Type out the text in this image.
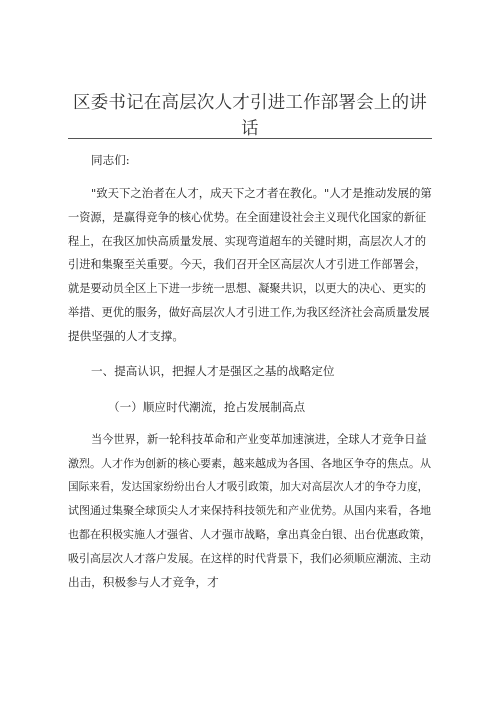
区委书记在高层次人才引进工作部署会上的讲
话

同志们:

"致天下之治者在人才，成天下之才者在教化。"人才是推动发展的第
一资源，是赢得竞争的核心优势。在全面建设社会主义现代化国家的新征
程上，在我区加快高质量发展、实现弯道超车的关键时期，高层次人才的
引进和集聚至关重要。今天，我们召开全区高层次人才引进工作部署会，
就是要动员全区上下进一步统一思想、凝聚共识，以更大的决心、更实的
举措、更优的服务，做好高层次人才引进工作,为我区经济社会高质量发展
提供坚强的人才支撑。

一、提高认识，把握人才是强区之基的战略定位

（一）顺应时代潮流，抢占发展制高点

当今世界，新一轮科技革命和产业变革加速演进，全球人才竞争日益
激烈。人才作为创新的核心要素，越来越成为各国、各地区争夺的焦点。从
国际来看，发达国家纷纷出台人才吸引政策，加大对高层次人才的争夺力度，
试图通过集聚全球顶尖人才来保持科技领先和产业优势。从国内来看，各地
也都在积极实施人才强省、人才强市战略，拿出真金白银、出台优惠政策，
吸引高层次人才落户发展。在这样的时代背景下，我们必须顺应潮流、主动
出击，积极参与人才竞争，才
